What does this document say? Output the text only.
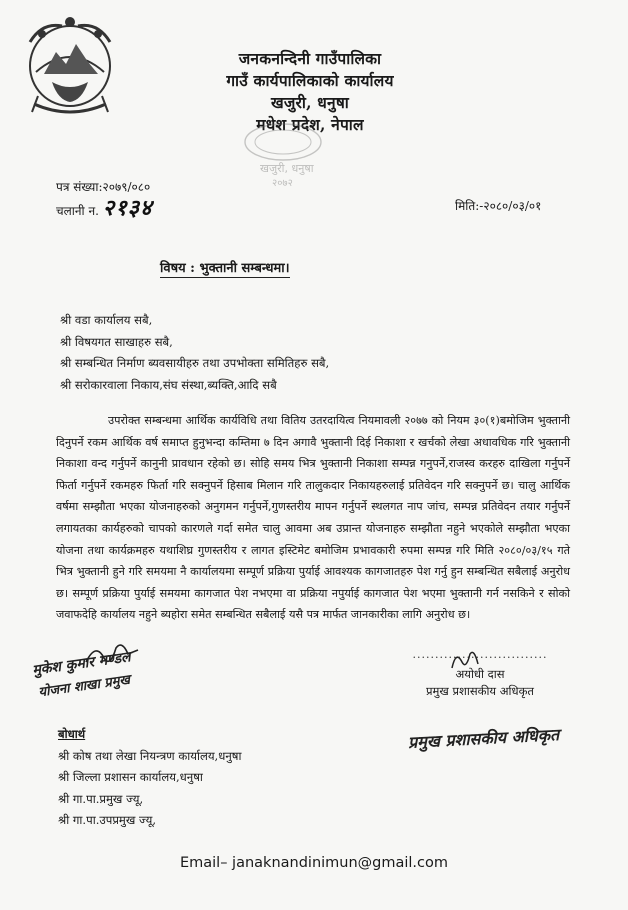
जनकनन्दिनी गाउँपालिका
गाउँ कार्यपालिकाको कार्यालय
खजुरी, धनुषा
मधेश प्रदेश, नेपाल
खजुरी, धनुषा
२०७२
पत्र संख्या:२०७९/०८०
चलानी न. २१३४	मिति:-२०८०/०३/०१
विषय : भुक्तानी सम्बन्धमा।
श्री वडा कार्यालय सबै,
श्री विषयगत साखाहरु सबै,
श्री सम्बन्धित निर्माण ब्यवसायीहरु तथा उपभोक्ता समितिहरु सबै,
श्री सरोकारवाला निकाय,संघ संस्था,ब्यक्ति,आदि सबै
उपरोक्त सम्बन्धमा आर्थिक कार्यविधि तथा वितिय उतरदायित्व नियमावली २०७७ को नियम ३०(१)बमोजिम भुक्तानी दिनुपर्ने रकम आर्थिक वर्ष समाप्त हुनुभन्दा कम्तिमा ७ दिन अगावै भुक्तानी दिई निकाशा र खर्चको लेखा अधावधिक गरि भुक्तानी निकाशा वन्द गर्नुपर्ने कानुनी प्रावधान रहेको छ। सोहि समय भित्र भुक्तानी निकाशा सम्पन्न गनुपर्ने,राजस्व करहरु दाखिला गर्नुपर्ने फिर्ता गर्नुपर्ने रकमहरु फिर्ता गरि सक्नुपर्ने हिसाब मिलान गरि तालुकदार निकायहरुलाई प्रतिवेदन गरि सक्नुपर्ने छ। चालु आर्थिक वर्षमा सम्झौता भएका योजनाहरुको अनुगमन गर्नुपर्ने,गुणस्तरीय मापन गर्नुपर्ने स्थलगत नाप जांच, सम्पन्न प्रतिवेदन तयार गर्नुपर्ने लगायतका कार्यहरुको चापको कारणले गर्दा समेत चालु आवमा अब उप्रान्त योजनाहरु सम्झौता नहुने भएकोले सम्झौता भएका योजना तथा कार्यक्रमहरु यथाशिघ्र गुणस्तरीय र लागत इस्टिमेट बमोजिम प्रभावकारी रुपमा सम्पन्न गरि मिति २०८०/०३/१५ गते भित्र भुक्तानी हुने गरि समयमा नै कार्यालयमा सम्पूर्ण प्रक्रिया पुर्याई आवश्यक कागजातहरु पेश गर्नु हुन सम्बन्धित सबैलाई अनुरोध छ। सम्पूर्ण प्रक्रिया पुर्याई समयमा कागजात पेश नभएमा वा प्रक्रिया नपुर्याई कागजात पेश भएमा भुक्तानी गर्न नसकिने र सोको जवाफदेहि कार्यालय नहुने ब्यहोरा समेत सम्बन्धित सबैलाई यसै पत्र मार्फत जानकारीका लागि अनुरोध छ।
मुकेश कुमार मण्डल
योजना शाखा प्रमुख
..............................
अयोधी दास
प्रमुख प्रशासकीय अधिकृत
प्रमुख प्रशासकीय अधिकृत
बोधार्थ
श्री कोष तथा लेखा नियन्त्रण कार्यालय,धनुषा
श्री जिल्ला प्रशासन कार्यालय,धनुषा
श्री गा.पा.प्रमुख ज्यू,
श्री गा.पा.उपप्रमुख ज्यू,
Email– janaknandinimun@gmail.com
